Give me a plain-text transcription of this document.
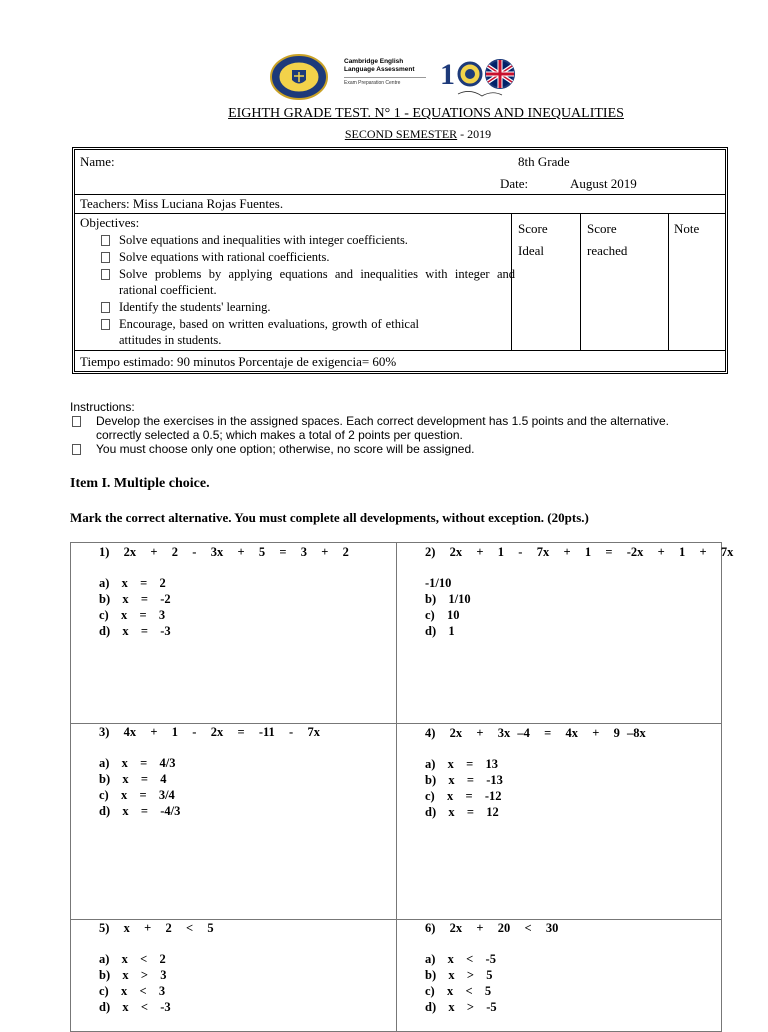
Cambridge English
Language Assessment
Exam Preparation Centre	1
EIGHTH GRADE TEST. N° 1 - EQUATIONS AND INEQUALITIES
SECOND SEMESTER - 2019
Name:	8th Grade
Date:	August 2019
Teachers: Miss Luciana Rojas Fuentes.
Objectives:
Solve equations and inequalities with integer coefficients.
Solve equations with rational coefficients.
Solve problems by applying equations and inequalities with integer and rational coefficient.
Identify the students' learning.
Encourage, based on written evaluations, growth of ethical attitudes in students.
Score
Ideal
Score
reached
Note
Tiempo estimado: 90 minutos Porcentaje de exigencia= 60%
Instructions:
Develop the exercises in the assigned spaces. Each correct development has 1.5 points and the alternative. correctly selected a 0.5; which makes a total of 2 points per question.
You must choose only one option; otherwise, no score will be assigned.
Item I. Multiple choice.
Mark the correct alternative. You must complete all developments, without exception. (20pts.)
1)  2x  +  2  -  3x  +  5  =  3  +  2
a)  x  =  2
b)  x  =  -2
c)  x  =  3
d)  x  =  -3
2)  2x  +  1  -  7x  +  1  =  -2x  +  1  +  7x
-1/10
b)  1/10
c)  10
d)  1
3)  4x  +  1  -  2x  =  -11  -  7x
a)  x  =  4/3
b)  x  =  4
c)  x  =  3/4
d)  x  =  -4/3
4)  2x  +  3x –4  =  4x  +  9 –8x
a)  x  =  13
b)  x  =  -13
c)  x  =  -12
d)  x  =  12
5)  x  +  2  <  5
a)  x  <  2
b)  x  >  3
c)  x  <  3
d)  x  <  -3
6)  2x  +  20  <  30
a)  x  <  -5
b)  x  >  5
c)  x  <  5
d)  x  >  -5
